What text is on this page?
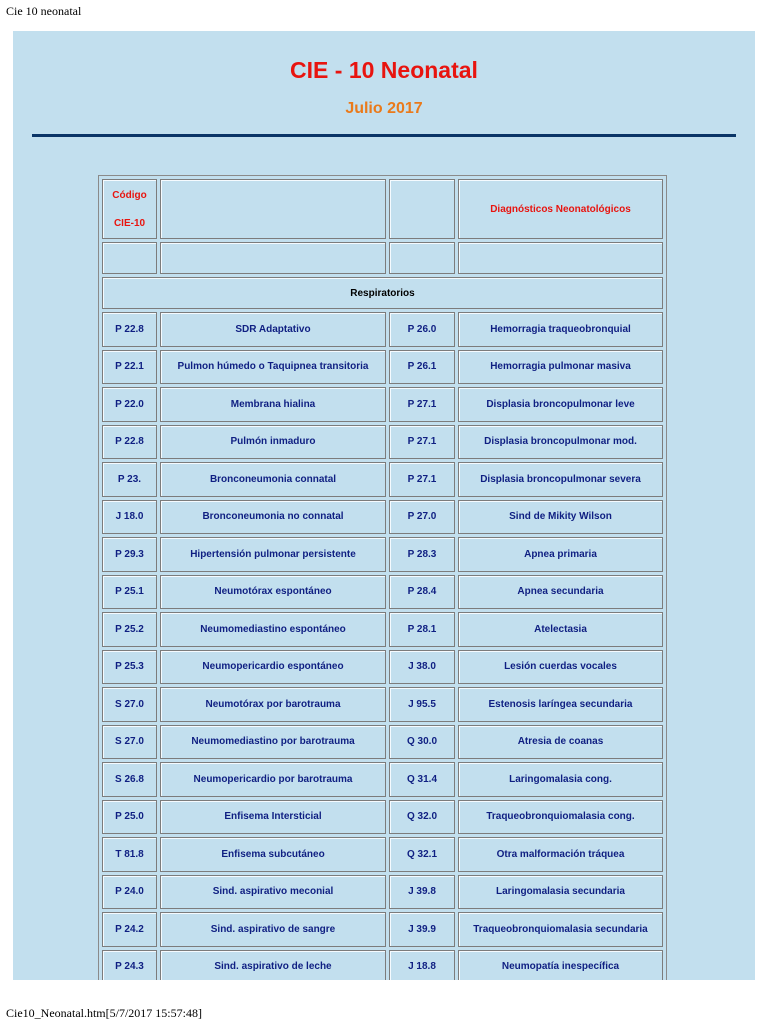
Cie 10 neonatal
CIE - 10 Neonatal
Julio 2017
Código
CIE-10			Diagnósticos Neonatológicos

Respiratorios			
P 22.8	SDR Adaptativo	P 26.0	Hemorragia traqueobronquial
P 22.1	Pulmon húmedo o Taquipnea transitoria	P 26.1	Hemorragia pulmonar masiva
P 22.0	Membrana hialina	P 27.1	Displasia broncopulmonar leve
P 22.8	Pulmón inmaduro	P 27.1	Displasia broncopulmonar mod.
P 23.	Bronconeumonia connatal	P 27.1	Displasia broncopulmonar severa
J 18.0	Bronconeumonia no connatal	P 27.0	Sind de Mikity Wilson
P 29.3	Hipertensión pulmonar persistente	P 28.3	Apnea primaria
P 25.1	Neumotórax espontáneo	P 28.4	Apnea secundaria
P 25.2	Neumomediastino espontáneo	P 28.1	Atelectasia
P 25.3	Neumopericardio espontáneo	J 38.0	Lesión cuerdas vocales
S 27.0	Neumotórax por barotrauma	J 95.5	Estenosis laríngea secundaria
S 27.0	Neumomediastino por barotrauma	Q 30.0	Atresia de coanas
S 26.8	Neumopericardio por barotrauma	Q 31.4	Laringomalasia cong.
P 25.0	Enfisema Intersticial	Q 32.0	Traqueobronquiomalasia cong.
T 81.8	Enfisema subcutáneo	Q 32.1	Otra malformación tráquea
P 24.0	Sind. aspirativo meconial	J 39.8	Laringomalasia secundaria
P 24.2	Sind. aspirativo de sangre	J 39.9	Traqueobronquiomalasia secundaria
P 24.3	Sind. aspirativo de leche	J 18.8	Neumopatía inespecífica

Cie10_Neonatal.htm[5/7/2017 15:57:48]
